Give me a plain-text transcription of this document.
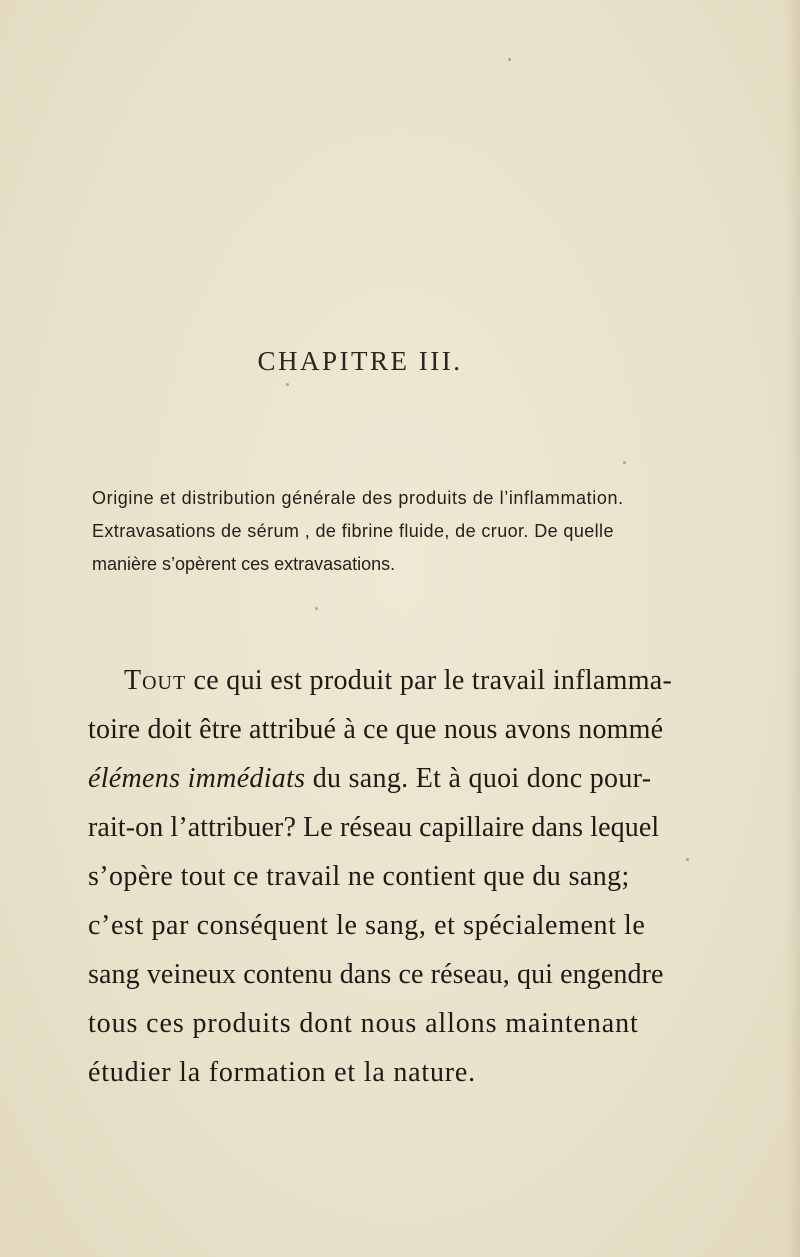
CHAPITRE III.

Origine et distribution générale des produits de l’inflammation.
Extravasations de sérum , de fibrine fluide, de cruor. De quelle
manière s’opèrent ces extravasations.

Tout ce qui est produit par le travail inflamma-
toire doit être attribué à ce que nous avons nommé
élémens immédiats du sang. Et à quoi donc pour-
rait-on l’attribuer? Le réseau capillaire dans lequel
s’opère tout ce travail ne contient que du sang;
c’est par conséquent le sang, et spécialement le
sang veineux contenu dans ce réseau, qui engendre
tous ces produits dont nous allons maintenant
étudier la formation et la nature.
